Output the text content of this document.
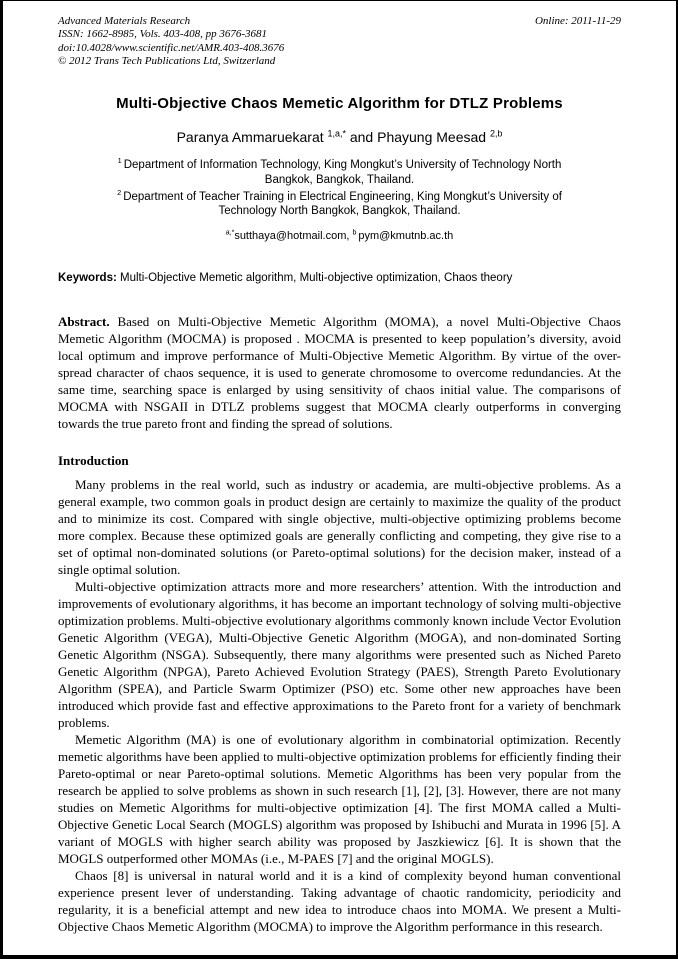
Advanced Materials Research
ISSN: 1662-8985, Vols. 403-408, pp 3676-3681
doi:10.4028/www.scientific.net/AMR.403-408.3676
© 2012 Trans Tech Publications Ltd, Switzerland
Online: 2011-11-29
Multi-Objective Chaos Memetic Algorithm for DTLZ Problems
Paranya Ammaruekarat $^{1,a,*}$ and Phayung Meesad $^{2,b}$
$^1$ Department of Information Technology, King Mongkut’s University of Technology North Bangkok, Bangkok, Thailand.
$^2$ Department of Teacher Training in Electrical Engineering, King Mongkut’s University of Technology North Bangkok, Bangkok, Thailand.
$^{a,*}$sutthaya@hotmail.com, $^b$ pym@kmutnb.ac.th
Keywords: Multi-Objective Memetic algorithm, Multi-objective optimization, Chaos theory
Abstract. Based on Multi-Objective Memetic Algorithm (MOMA), a novel Multi-Objective Chaos Memetic Algorithm (MOCMA) is proposed . MOCMA is presented to keep population’s diversity, avoid local optimum and improve performance of Multi-Objective Memetic Algorithm. By virtue of the over-spread character of chaos sequence, it is used to generate chromosome to overcome redundancies. At the same time, searching space is enlarged by using sensitivity of chaos initial value. The comparisons of MOCMA with NSGAII in DTLZ problems suggest that MOCMA clearly outperforms in converging towards the true pareto front and finding the spread of solutions.
Introduction

Many problems in the real world, such as industry or academia, are multi-objective problems. As a general example, two common goals in product design are certainly to maximize the quality of the product and to minimize its cost. Compared with single objective, multi-objective optimizing problems become more complex. Because these optimized goals are generally conflicting and competing, they give rise to a set of optimal non-dominated solutions (or Pareto-optimal solutions) for the decision maker, instead of a single optimal solution.

Multi-objective optimization attracts more and more researchers’ attention. With the introduction and improvements of evolutionary algorithms, it has become an important technology of solving multi-objective optimization problems. Multi-objective evolutionary algorithms commonly known include Vector Evolution Genetic Algorithm (VEGA), Multi-Objective Genetic Algorithm (MOGA), and non-dominated Sorting Genetic Algorithm (NSGA). Subsequently, there many algorithms were presented such as Niched Pareto Genetic Algorithm (NPGA), Pareto Achieved Evolution Strategy (PAES), Strength Pareto Evolutionary Algorithm (SPEA), and Particle Swarm Optimizer (PSO) etc. Some other new approaches have been introduced which provide fast and effective approximations to the Pareto front for a variety of benchmark problems.

Memetic Algorithm (MA) is one of evolutionary algorithm in combinatorial optimization. Recently memetic algorithms have been applied to multi-objective optimization problems for efficiently finding their Pareto-optimal or near Pareto-optimal solutions. Memetic Algorithms has been very popular from the research be applied to solve problems as shown in such research [1], [2], [3]. However, there are not many studies on Memetic Algorithms for multi-objective optimization [4]. The first MOMA called a Multi-Objective Genetic Local Search (MOGLS) algorithm was proposed by Ishibuchi and Murata in 1996 [5]. A variant of MOGLS with higher search ability was proposed by Jaszkiewicz [6]. It is shown that the MOGLS outperformed other MOMAs (i.e., M-PAES [7] and the original MOGLS).

Chaos [8] is universal in natural world and it is a kind of complexity beyond human conventional experience present lever of understanding. Taking advantage of chaotic randomicity, periodicity and regularity, it is a beneficial attempt and new idea to introduce chaos into MOMA. We present a Multi-Objective Chaos Memetic Algorithm (MOCMA) to improve the Algorithm performance in this research.
